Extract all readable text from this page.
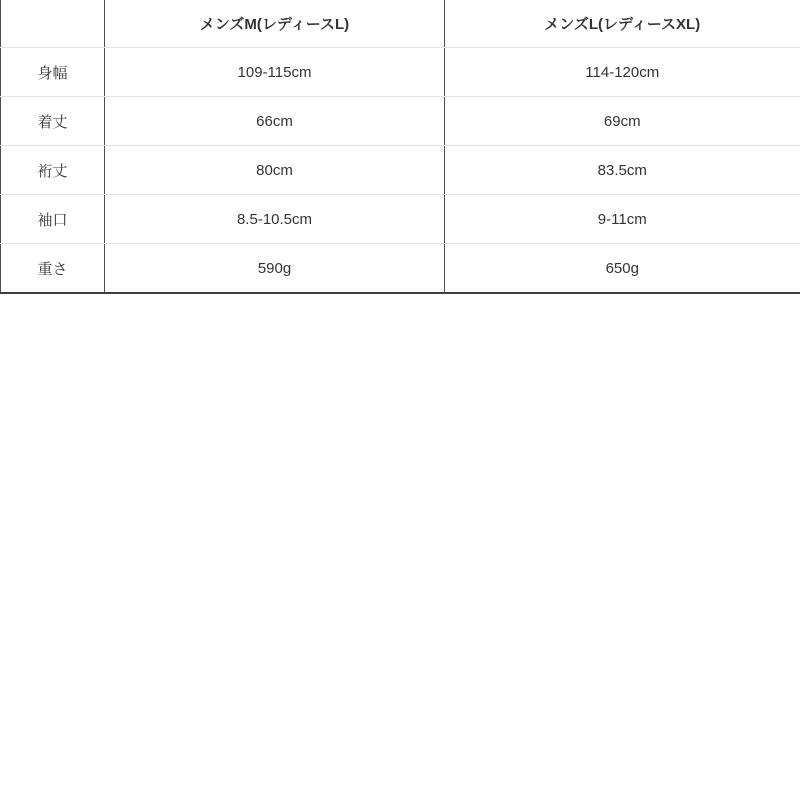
	メンズM(レディースL)	メンズL(レディースXL)
身幅	109-115cm	114-120cm
着丈	66cm	69cm
裄丈	80cm	83.5cm
袖口	8.5-10.5cm	9-11cm
重さ	590g	650g
